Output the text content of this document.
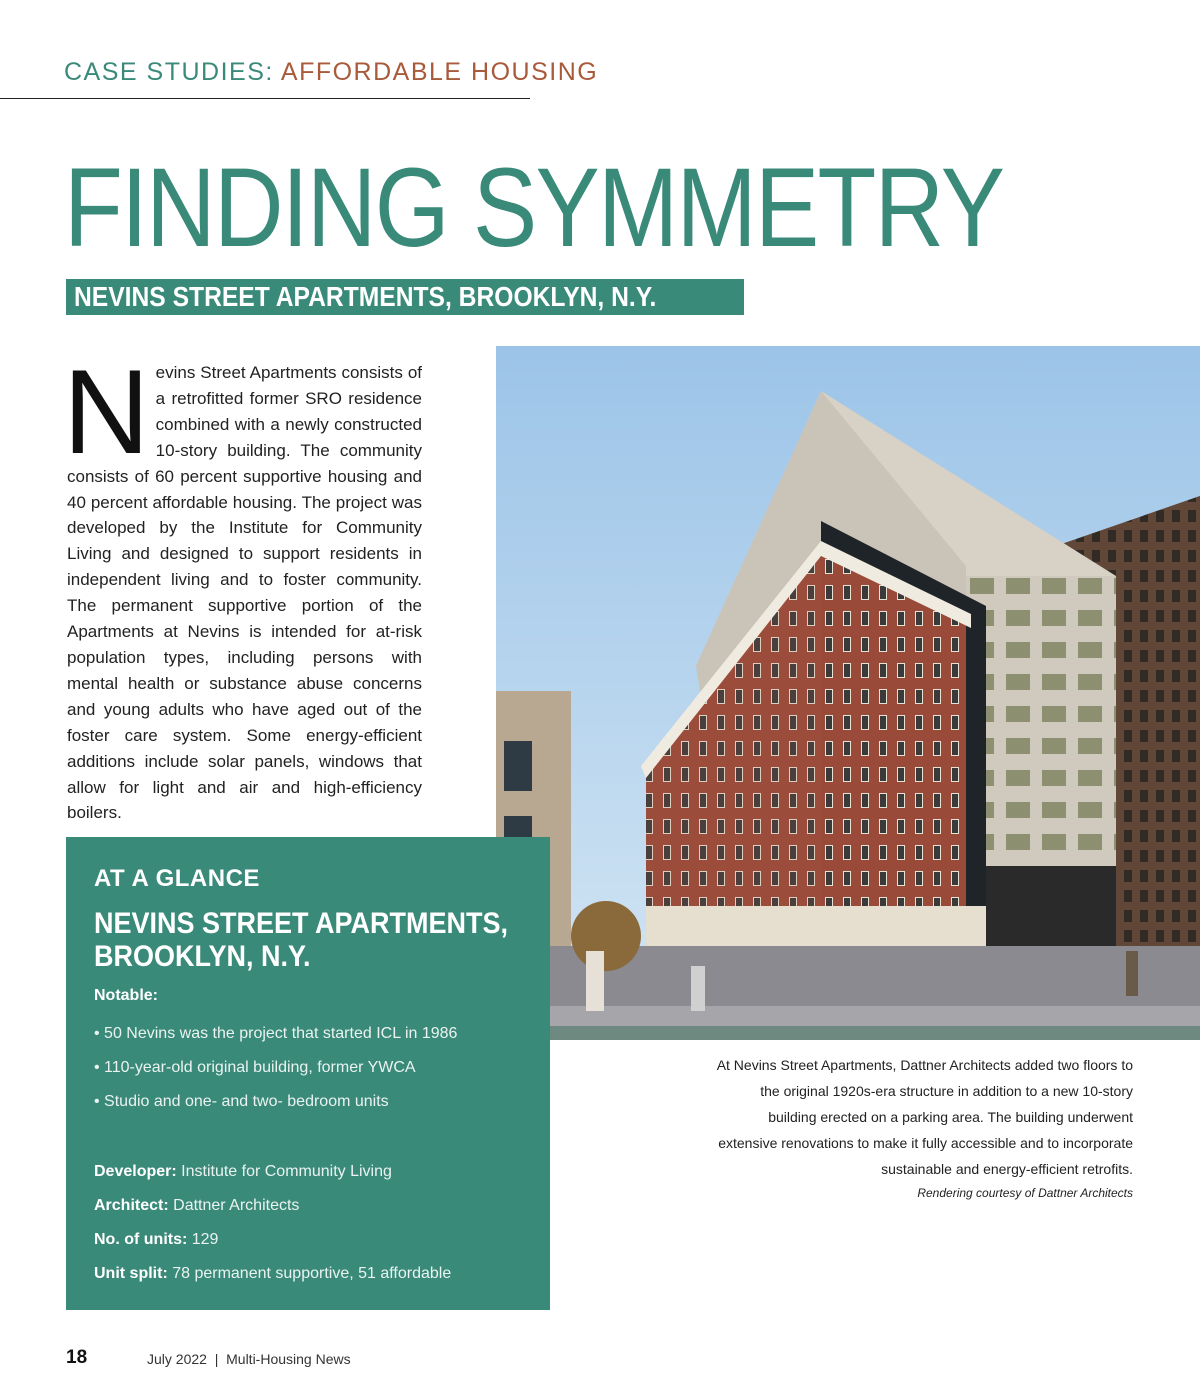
CASE STUDIES: AFFORDABLE HOUSING
FINDING SYMMETRY
NEVINS STREET APARTMENTS, BROOKLYN, N.Y.
Nevins Street Apartments consists of a retrofitted former SRO residence combined with a newly constructed 10-story building. The community consists of 60 percent supportive housing and 40 percent affordable housing. The project was developed by the Institute for Community Living and designed to support residents in independent living and to foster community. The permanent supportive portion of the Apartments at Nevins is intended for at-risk population types, including persons with mental health or substance abuse concerns and young adults who have aged out of the foster care system. Some energy-efficient additions include solar panels, windows that allow for light and air and high-efficiency boilers.
AT A GLANCE
NEVINS STREET APARTMENTS, BROOKLYN, N.Y.
Notable:
• 50 Nevins was the project that started ICL in 1986
• 110-year-old original building, former YWCA
• Studio and one- and two- bedroom units

Developer: Institute for Community Living

Architect: Dattner Architects

No. of units: 129

Unit split: 78 permanent supportive, 51 affordable

At Nevins Street Apartments, Dattner Architects added two floors to the original 1920s-era structure in addition to a new 10-story building erected on a parking area. The building underwent extensive renovations to make it fully accessible and to incorporate sustainable and energy-efficient retrofits.
Rendering courtesy of Dattner Architects
18	July 2022  |  Multi-Housing News
